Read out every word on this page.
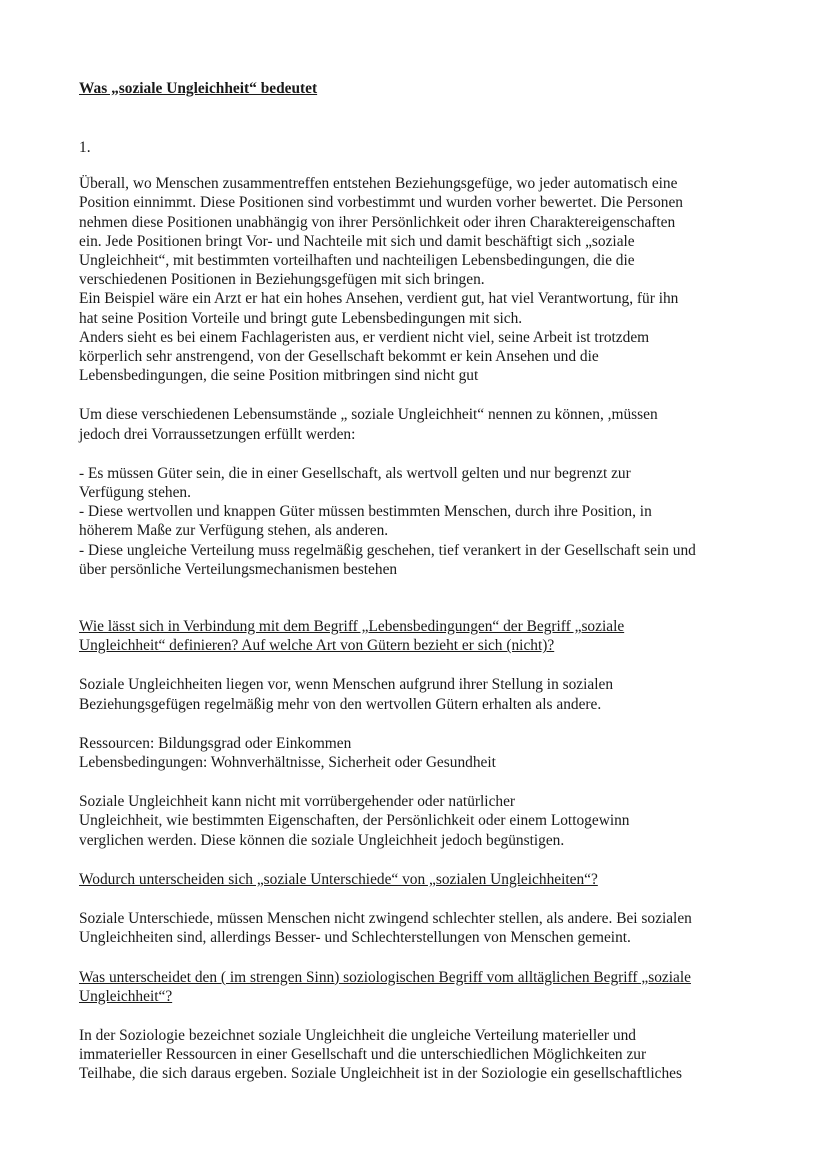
Was „soziale Ungleichheit“ bedeutet

1.

Überall, wo Menschen zusammentreffen entstehen Beziehungsgefüge, wo jeder automatisch eine
Position einnimmt. Diese Positionen sind vorbestimmt und wurden vorher bewertet. Die Personen
nehmen diese Positionen unabhängig von ihrer Persönlichkeit oder ihren Charaktereigenschaften
ein. Jede Positionen bringt Vor- und Nachteile mit sich und damit beschäftigt sich „soziale
Ungleichheit“, mit bestimmten vorteilhaften und nachteiligen Lebensbedingungen, die die
verschiedenen Positionen in Beziehungsgefügen mit sich bringen.
Ein Beispiel wäre ein Arzt er hat ein hohes Ansehen, verdient gut, hat viel Verantwortung, für ihn
hat seine Position Vorteile und bringt gute Lebensbedingungen mit sich.
Anders sieht es bei einem Fachlageristen aus, er verdient nicht viel, seine Arbeit ist trotzdem
körperlich sehr anstrengend, von der Gesellschaft bekommt er kein Ansehen und die
Lebensbedingungen, die seine Position mitbringen sind nicht gut
Um diese verschiedenen Lebensumstände „ soziale Ungleichheit“ nennen zu können, ,müssen
jedoch drei Vorraussetzungen erfüllt werden:
- Es müssen Güter sein, die in einer Gesellschaft, als wertvoll gelten und nur begrenzt zur
Verfügung stehen.
- Diese wertvollen und knappen Güter müssen bestimmten Menschen, durch ihre Position, in
höherem Maße zur Verfügung stehen, als anderen.
- Diese ungleiche Verteilung muss regelmäßig geschehen, tief verankert in der Gesellschaft sein und
über persönliche Verteilungsmechanismen bestehen
Wie lässt sich in Verbindung mit dem Begriff „Lebensbedingungen“ der Begriff „soziale
Ungleichheit“ definieren? Auf welche Art von Gütern bezieht er sich (nicht)?
Soziale Ungleichheiten liegen vor, wenn Menschen aufgrund ihrer Stellung in sozialen
Beziehungsgefügen regelmäßig mehr von den wertvollen Gütern erhalten als andere.
Ressourcen: Bildungsgrad oder Einkommen
Lebensbedingungen: Wohnverhältnisse, Sicherheit oder Gesundheit
Soziale Ungleichheit kann nicht mit vorrübergehender oder natürlicher
Ungleichheit, wie bestimmten Eigenschaften, der Persönlichkeit oder einem Lottogewinn
verglichen werden. Diese können die soziale Ungleichheit jedoch begünstigen.
Wodurch unterscheiden sich „soziale Unterschiede“ von „sozialen Ungleichheiten“?
Soziale Unterschiede, müssen Menschen nicht zwingend schlechter stellen, als andere. Bei sozialen
Ungleichheiten sind, allerdings Besser- und Schlechterstellungen von Menschen gemeint.
Was unterscheidet den ( im strengen Sinn) soziologischen Begriff vom alltäglichen Begriff „soziale
Ungleichheit“?
In der Soziologie bezeichnet soziale Ungleichheit die ungleiche Verteilung materieller und
immaterieller Ressourcen in einer Gesellschaft und die unterschiedlichen Möglichkeiten zur
Teilhabe, die sich daraus ergeben. Soziale Ungleichheit ist in der Soziologie ein gesellschaftliches
